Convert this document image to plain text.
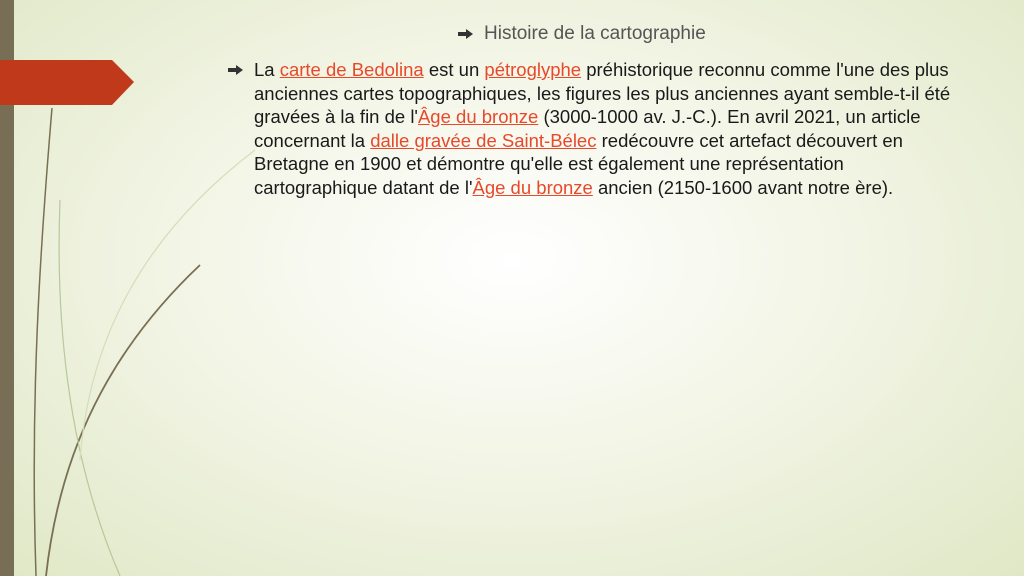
Histoire de la cartographie

La carte de Bedolina est un pétroglyphe préhistorique reconnu comme l'une des plus anciennes cartes topographiques, les figures les plus anciennes ayant semble-t-il été gravées à la fin de l'Âge du bronze (3000-1000 av. J.-C.). En avril 2021, un article concernant la dalle gravée de Saint-Bélec redécouvre cet artefact découvert en Bretagne en 1900 et démontre qu'elle est également une représentation cartographique datant de l'Âge du bronze ancien (2150-1600 avant notre ère).
